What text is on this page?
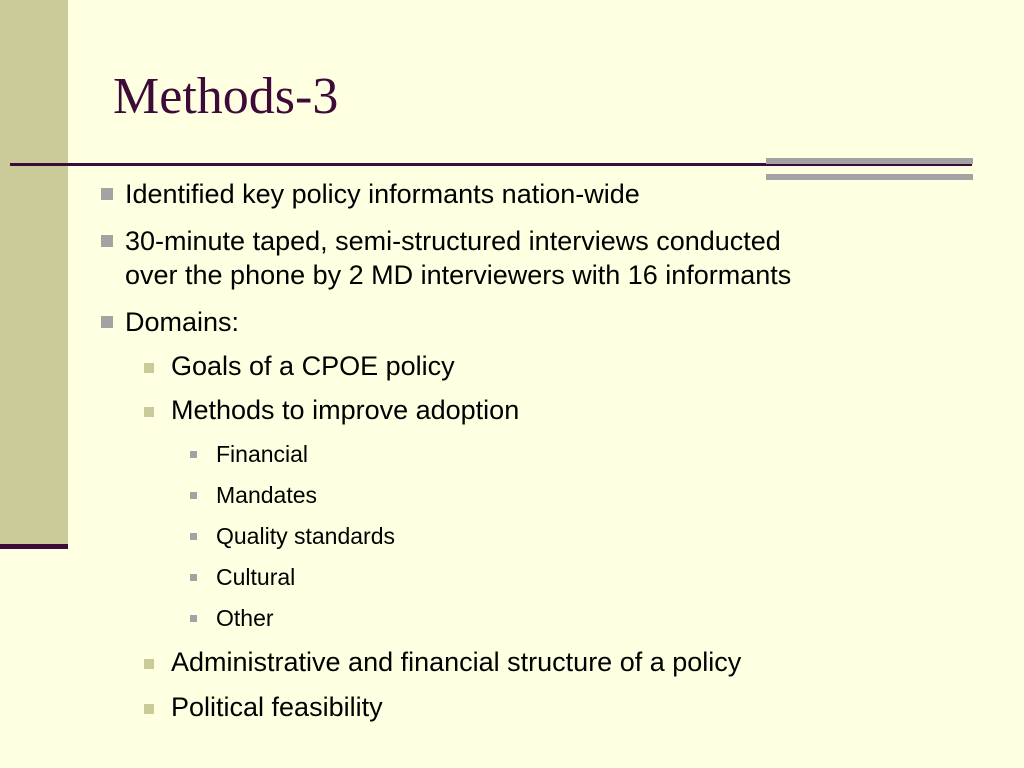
Methods-3
Identified key policy informants nation-wide
30-minute taped, semi-structured interviews conducted
over the phone by 2 MD interviewers with 16 informants
Domains:
Goals of a CPOE policy
Methods to improve adoption
Financial
Mandates
Quality standards
Cultural
Other
Administrative and financial structure of a policy
Political feasibility
